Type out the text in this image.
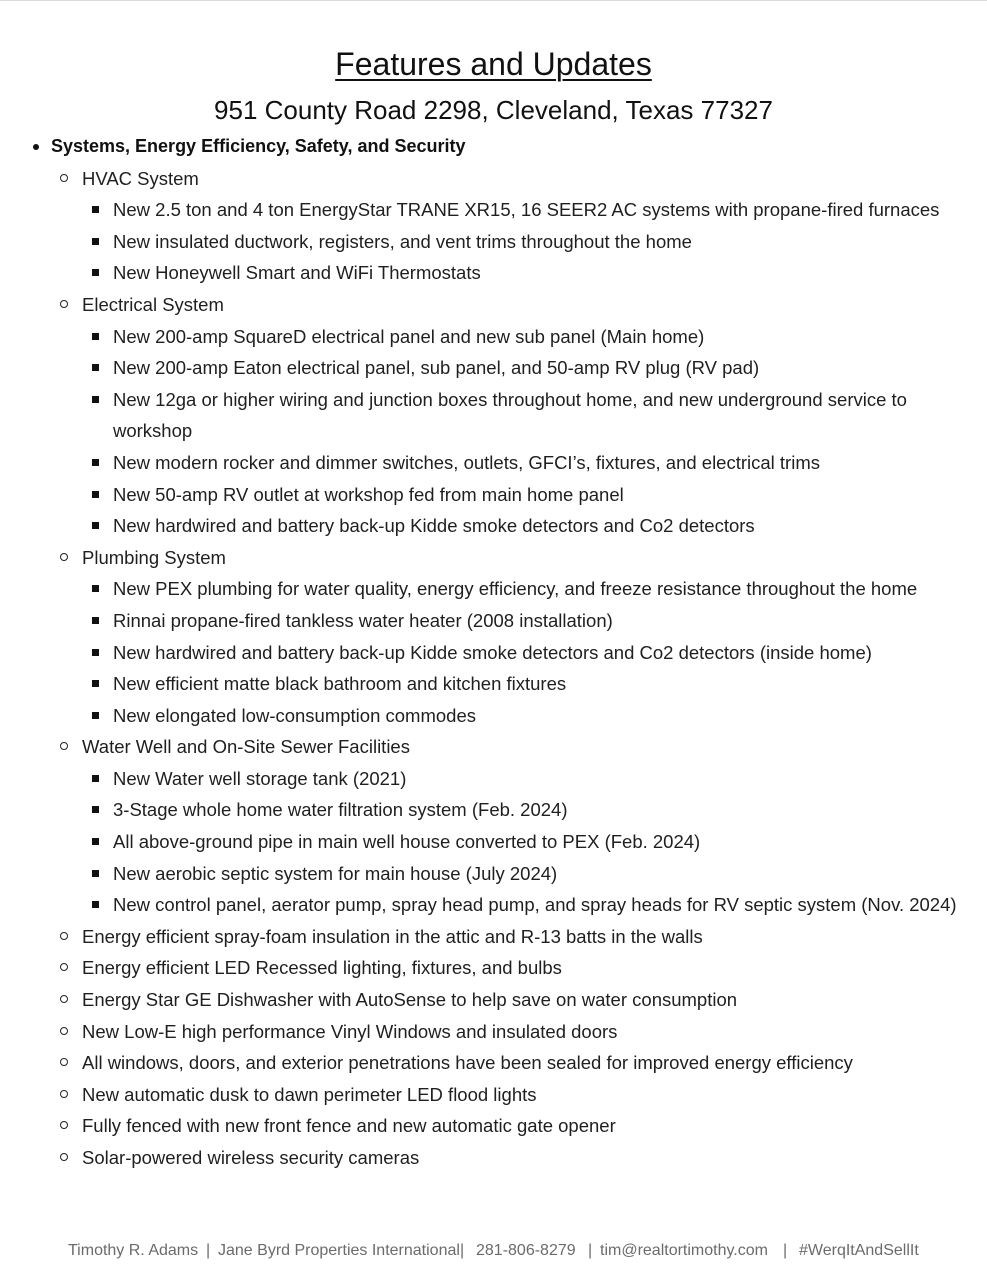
Features and Updates
951 County Road 2298, Cleveland, Texas 77327
Systems, Energy Efficiency, Safety, and Security
HVAC System
New 2.5 ton and 4 ton EnergyStar TRANE XR15, 16 SEER2 AC systems with propane-fired furnaces
New insulated ductwork, registers, and vent trims throughout the home
New Honeywell Smart and WiFi Thermostats
Electrical System
New 200-amp SquareD electrical panel and new sub panel (Main home)
New 200-amp Eaton electrical panel, sub panel, and 50-amp RV plug (RV pad)
New 12ga or higher wiring and junction boxes throughout home, and new underground service to
workshop
New modern rocker and dimmer switches, outlets, GFCI’s, fixtures, and electrical trims
New 50-amp RV outlet at workshop fed from main home panel
New hardwired and battery back-up Kidde smoke detectors and Co2 detectors
Plumbing System
New PEX plumbing for water quality, energy efficiency, and freeze resistance throughout the home
Rinnai propane-fired tankless water heater (2008 installation)
New hardwired and battery back-up Kidde smoke detectors and Co2 detectors (inside home)
New efficient matte black bathroom and kitchen fixtures
New elongated low-consumption commodes
Water Well and On-Site Sewer Facilities
New Water well storage tank (2021)
3-Stage whole home water filtration system (Feb. 2024)
All above-ground pipe in main well house converted to PEX (Feb. 2024)
New aerobic septic system for main house (July 2024)
New control panel, aerator pump, spray head pump, and spray heads for RV septic system (Nov. 2024)
Energy efficient spray-foam insulation in the attic and R-13 batts in the walls
Energy efficient LED Recessed lighting, fixtures, and bulbs
Energy Star GE Dishwasher with AutoSense to help save on water consumption
New Low-E high performance Vinyl Windows and insulated doors
All windows, doors, and exterior penetrations have been sealed for improved energy efficiency
New automatic dusk to dawn perimeter LED flood lights
Fully fenced with new front fence and new automatic gate opener
Solar-powered wireless security cameras
Timothy R. Adams | Jane Byrd Properties International | 281-806-8279 | tim@realtortimothy.com | #WerqItAndSellIt
